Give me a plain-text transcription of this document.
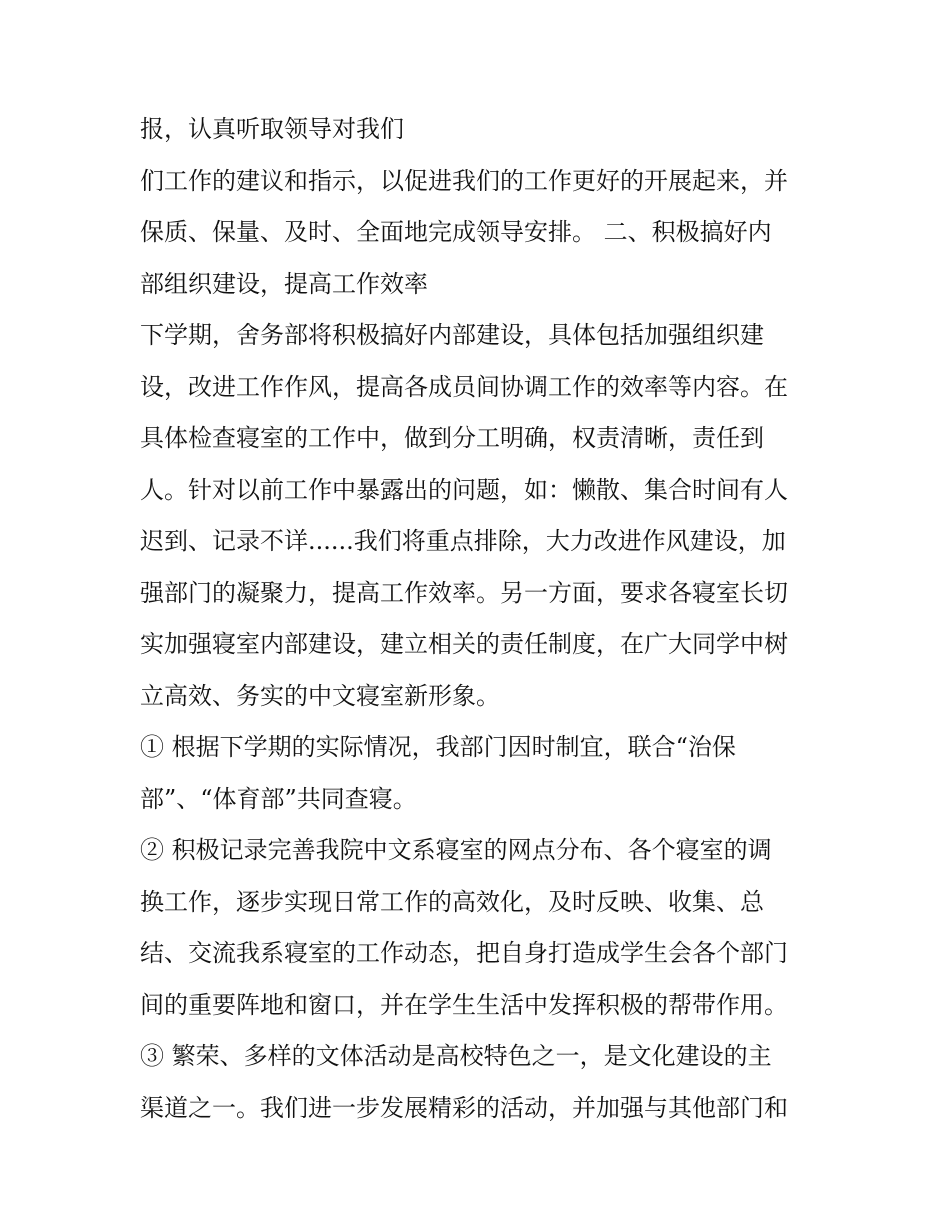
报，认真听取领导对我们
们工作的建议和指示，以促进我们的工作更好的开展起来，并
保质、保量、及时、全面地完成领导安排。 二、积极搞好内
部组织建设，提高工作效率
下学期，舍务部将积极搞好内部建设，具体包括加强组织建
设，改进工作作风，提高各成员间协调工作的效率等内容。在
具体检查寝室的工作中，做到分工明确，权责清晰，责任到
人。针对以前工作中暴露出的问题，如：懒散、集合时间有人
迟到、记录不详......我们将重点排除，大力改进作风建设，加
强部门的凝聚力，提高工作效率。另一方面，要求各寝室长切
实加强寝室内部建设，建立相关的责任制度，在广大同学中树
立高效、务实的中文寝室新形象。
① 根据下学期的实际情况，我部门因时制宜，联合“治保
部”、“体育部”共同查寝。
② 积极记录完善我院中文系寝室的网点分布、各个寝室的调
换工作，逐步实现日常工作的高效化，及时反映、收集、总
结、交流我系寝室的工作动态，把自身打造成学生会各个部门
间的重要阵地和窗口，并在学生生活中发挥积极的帮带作用。
③ 繁荣、多样的文体活动是高校特色之一，是文化建设的主
渠道之一。我们进一步发展精彩的活动，并加强与其他部门和
